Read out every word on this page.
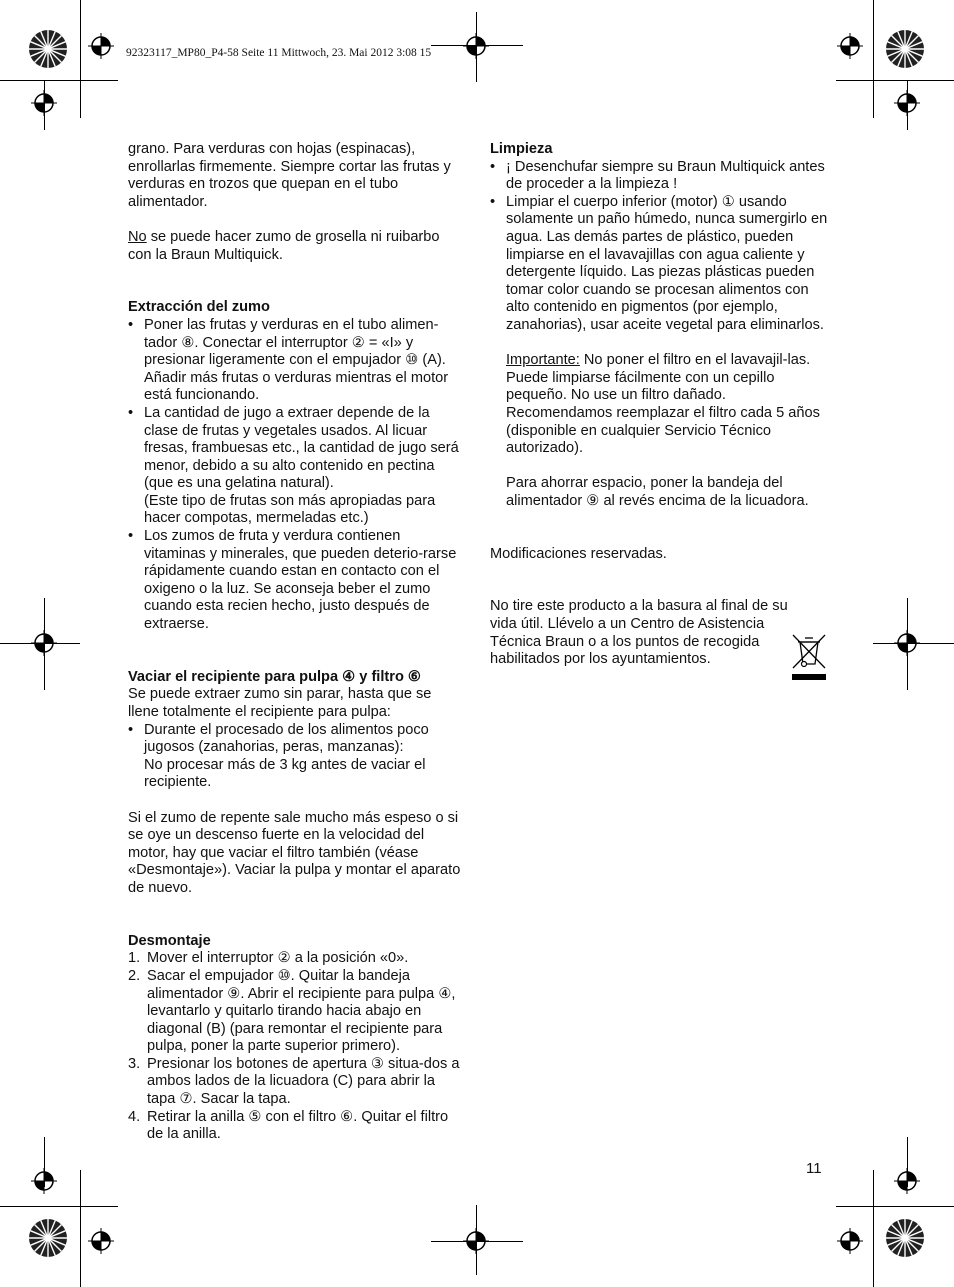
92323117_MP80_P4-58 Seite 11 Mittwoch, 23. Mai 2012 3:08 15

grano. Para verduras con hojas (espinacas), enrollarlas firmemente. Siempre cortar las frutas y verduras en trozos que quepan en el tubo alimentador.

No se puede hacer zumo de grosella ni ruibarbo con la Braun Multiquick.

Extracción del zumo

• Poner las frutas y verduras en el tubo alimen-tador ⑧. Conectar el interruptor ② = «I» y presionar ligeramente con el empujador ⑩ (A). Añadir más frutas o verduras mientras el motor está funcionando.
• La cantidad de jugo a extraer depende de la clase de frutas y vegetales usados. Al licuar fresas, frambuesas etc., la cantidad de jugo será menor, debido a su alto contenido en pectina (que es una gelatina natural).
(Este tipo de frutas son más apropiadas para hacer compotas, mermeladas etc.)
• Los zumos de fruta y verdura contienen vitaminas y minerales, que pueden deterio-rarse rápidamente cuando estan en contacto con el oxigeno o la luz. Se aconseja beber el zumo cuando esta recien hecho, justo después de extraerse.

Vaciar el recipiente para pulpa ④ y filtro ⑥

Se puede extraer zumo sin parar, hasta que se llene totalmente el recipiente para pulpa:

• Durante el procesado de los alimentos poco jugosos (zanahorias, peras, manzanas):
No procesar más de 3 kg antes de vaciar el recipiente.

Si el zumo de repente sale mucho más espeso o si se oye un descenso fuerte en la velocidad del motor, hay que vaciar el filtro también (véase «Desmontaje»). Vaciar la pulpa y montar el aparato de nuevo.

Desmontaje

1. Mover el interruptor ② a la posición «0».
2. Sacar el empujador ⑩. Quitar la bandeja alimentador ⑨. Abrir el recipiente para pulpa ④, levantarlo y quitarlo tirando hacia abajo en diagonal (B) (para remontar el recipiente para pulpa, poner la parte superior primero).
3. Presionar los botones de apertura ③ situa-dos a ambos lados de la licuadora (C) para abrir la tapa ⑦. Sacar la tapa.
4. Retirar la anilla ⑤ con el filtro ⑥. Quitar el filtro de la anilla.

Limpieza

• ¡ Desenchufar siempre su Braun Multiquick antes de proceder a la limpieza !
• Limpiar el cuerpo inferior (motor) ① usando solamente un paño húmedo, nunca sumergirlo en agua. Las demás partes de plástico, pueden limpiarse en el lavavajillas con agua caliente y detergente líquido. Las piezas plásticas pueden tomar color cuando se procesan alimentos con alto contenido en pigmentos (por ejemplo, zanahorias), usar aceite vegetal para eliminarlos.
Importante: No poner el filtro en el lavavajil-las. Puede limpiarse fácilmente con un cepillo pequeño. No use un filtro dañado. Recomendamos reemplazar el filtro cada 5 años (disponible en cualquier Servicio Técnico autorizado).
Para ahorrar espacio, poner la bandeja del alimentador ⑨ al revés encima de la licuadora.

Modificaciones reservadas.

No tire este producto a la basura al final de su vida útil. Llévelo a un Centro de Asistencia Técnica Braun o a los puntos de recogida habilitados por los ayuntamientos.

11
